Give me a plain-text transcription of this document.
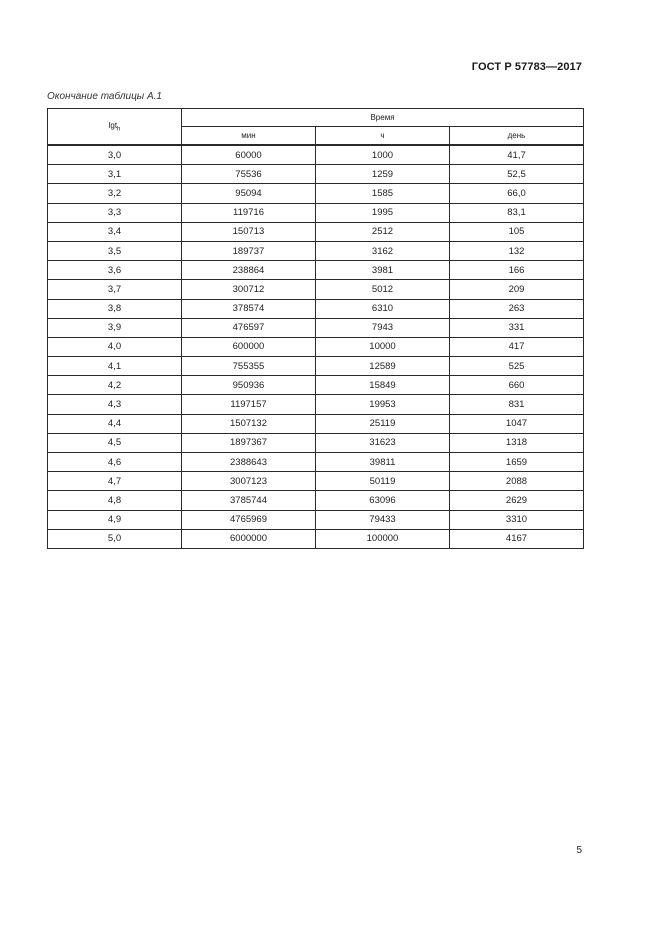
ГОСТ Р 57783—2017
Окончание таблицы А.1
lgt$_h$	Время		
	мин	ч	день
3,0	60000	1000	41,7
3,1	75536	1259	52,5
3,2	95094	1585	66,0
3,3	119716	1995	83,1
3,4	150713	2512	105
3,5	189737	3162	132
3,6	238864	3981	166
3,7	300712	5012	209
3,8	378574	6310	263
3,9	476597	7943	331
4,0	600000	10000	417
4,1	755355	12589	525
4,2	950936	15849	660
4,3	1197157	19953	831
4,4	1507132	25119	1047
4,5	1897367	31623	1318
4,6	2388643	39811	1659
4,7	3007123	50119	2088
4,8	3785744	63096	2629
4,9	4765969	79433	3310
5,0	6000000	100000	4167
5
